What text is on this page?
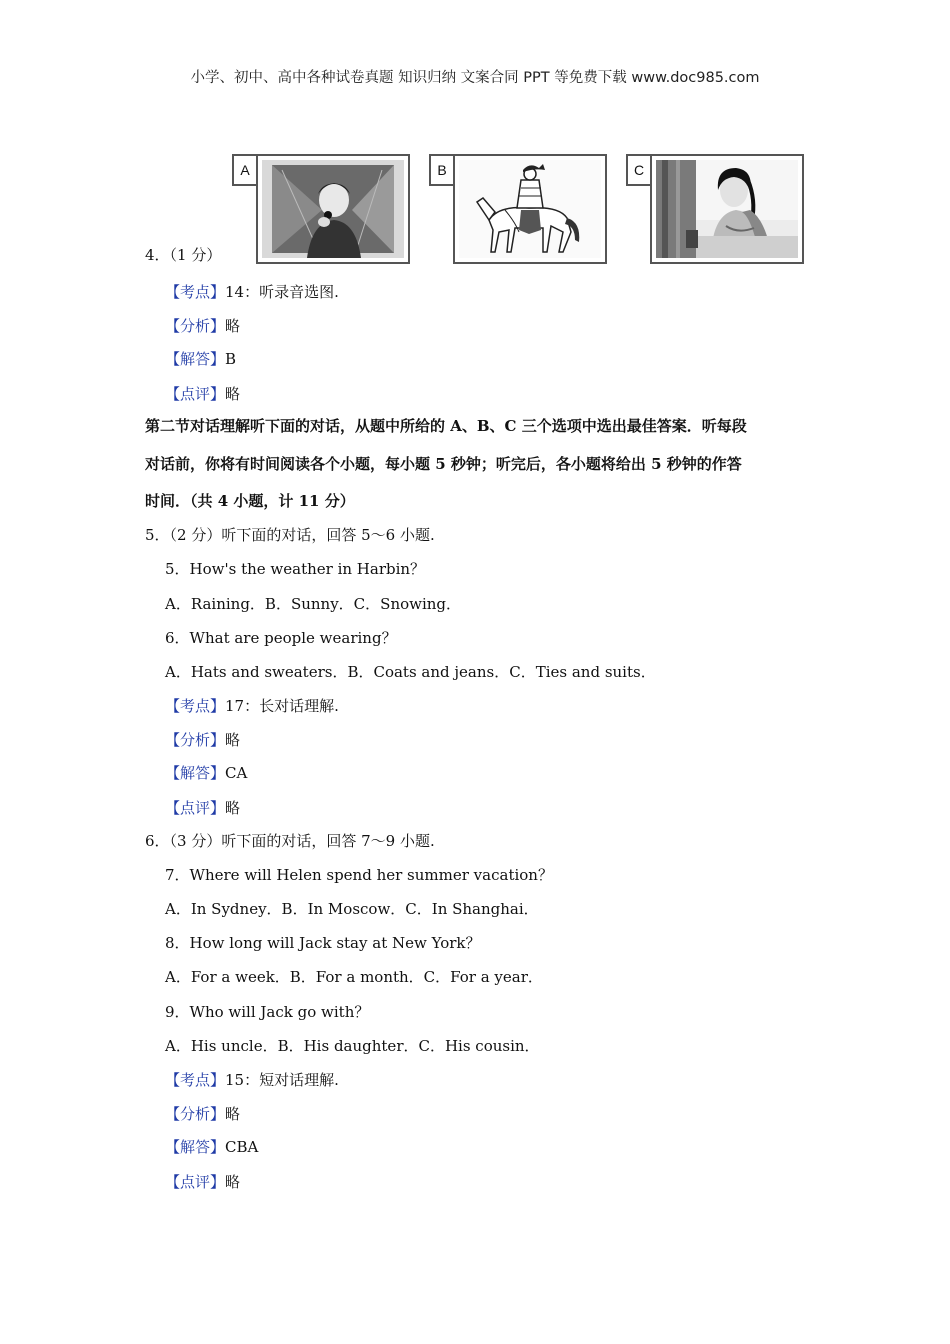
小学、初中、高中各种试卷真题 知识归纳 文案合同 PPT 等免费下载 www.doc985.com
A	B	C
4．（1 分）
【考点】14：听录音选图.
【分析】略
【解答】B
【点评】略
第二节对话理解听下面的对话，从题中所给的 A、B、C 三个选项中选出最佳答案．听每段
对话前，你将有时间阅读各个小题，每小题 5 秒钟；听完后，各小题将给出 5 秒钟的作答
时间．（共 4 小题，计 11 分）
5．（2 分）听下面的对话，回答 5～6 小题.
5．How's the weather in Harbin？
A．Raining．B．Sunny．C．Snowing．
6．What are people wearing？
A．Hats and sweaters．B．Coats and jeans．C．Ties and suits．
【考点】17：长对话理解.
【分析】略
【解答】CA
【点评】略
6．（3 分）听下面的对话，回答 7～9 小题.
7．Where will Helen spend her summer vacation？
A．In Sydney．B．In Moscow．C．In Shanghai．
8．How long will Jack stay at New York？
A．For a week．B．For a month．C．For a year．
9．Who will Jack go with？
A．His uncle．B．His daughter．C．His cousin．
【考点】15：短对话理解.
【分析】略
【解答】CBA
【点评】略
